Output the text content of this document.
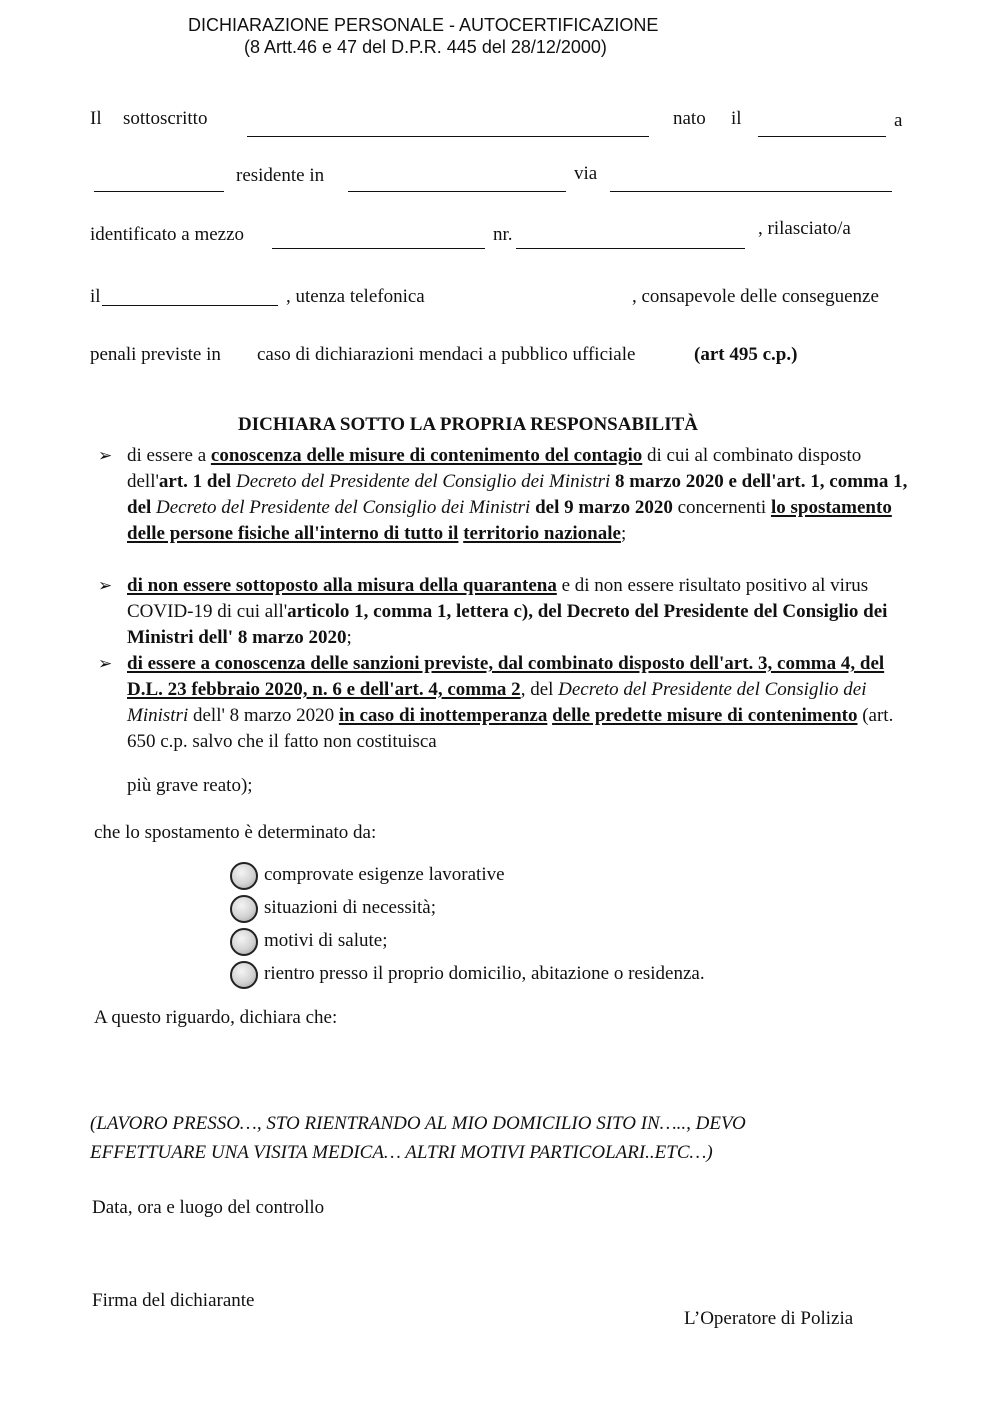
DICHIARAZIONE PERSONALE - AUTOCERTIFICAZIONE
(8 Artt.46 e 47 del D.P.R. 445 del 28/12/2000)
Il sottoscritto	nato il	a
residente in	via
identificato a mezzo	nr.	, rilasciato/a
il	, utenza telefonica	, consapevole delle conseguenze
penali previste in caso di dichiarazioni mendaci a pubblico ufficiale	(art 495 c.p.)
DICHIARA SOTTO LA PROPRIA RESPONSABILITÀ
➢ di essere a conoscenza delle misure di contenimento del contagio di cui al combinato disposto dell'art. 1 del Decreto del Presidente del Consiglio dei Ministri 8 marzo 2020 e dell'art. 1, comma 1, del Decreto del Presidente del Consiglio dei Ministri del 9 marzo 2020 concernenti lo spostamento delle persone fisiche all'interno di tutto il territorio nazionale;
➢ di non essere sottoposto alla misura della quarantena e di non essere risultato positivo al virus COVID-19 di cui all'articolo 1, comma 1, lettera c), del Decreto del Presidente del Consiglio dei Ministri dell' 8 marzo 2020;
➢ di essere a conoscenza delle sanzioni previste, dal combinato disposto dell'art. 3, comma 4, del D.L. 23 febbraio 2020, n. 6 e dell'art. 4, comma 2, del Decreto del Presidente del Consiglio dei Ministri dell' 8 marzo 2020 in caso di inottemperanza delle predette misure di contenimento (art. 650 c.p. salvo che il fatto non costituisca
più grave reato);
che lo spostamento è determinato da:
comprovate esigenze lavorative
situazioni di necessità;
motivi di salute;
rientro presso il proprio domicilio, abitazione o residenza.
A questo riguardo, dichiara che:
(LAVORO PRESSO…, STO RIENTRANDO AL MIO DOMICILIO SITO IN….., DEVO
EFFETTUARE UNA VISITA MEDICA… ALTRI MOTIVI PARTICOLARI..ETC…)
Data, ora e luogo del controllo
Firma del dichiarante
L’Operatore di Polizia
